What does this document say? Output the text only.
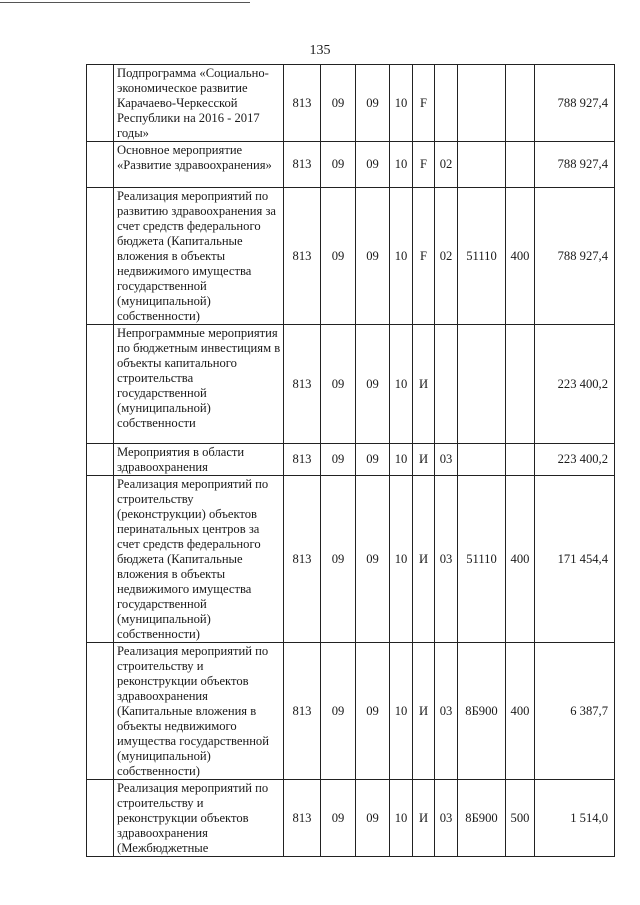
135
	Подпрограмма «Социально-экономическое развитие Карачаево-Черкесской Республики на 2016 - 2017 годы»	813	09	09	10	F				788 927,4
	Основное мероприятие «Развитие здравоохранения»	813	09	09	10	F	02			788 927,4
	Реализация мероприятий по развитию здравоохранения за счет средств федерального бюджета (Капитальные вложения в объекты недвижимого имущества государственной (муниципальной) собственности)	813	09	09	10	F	02	51110	400	788 927,4
	Непрограммные мероприятия по бюджетным инвестициям в объекты капитального строительства государственной (муниципальной) собственности	813	09	09	10	И				223 400,2
	Мероприятия в области здравоохранения	813	09	09	10	И	03			223 400,2
	Реализация мероприятий по строительству (реконструкции) объектов перинатальных центров за счет средств федерального бюджета (Капитальные вложения в объекты недвижимого имущества государственной (муниципальной) собственности)	813	09	09	10	И	03	51110	400	171 454,4
	Реализация мероприятий по строительству и реконструкции объектов здравоохранения (Капитальные вложения в объекты недвижимого имущества государственной (муниципальной) собственности)	813	09	09	10	И	03	8Б900	400	6 387,7
	Реализация мероприятий по строительству и реконструкции объектов здравоохранения (Межбюджетные	813	09	09	10	И	03	8Б900	500	1 514,0
